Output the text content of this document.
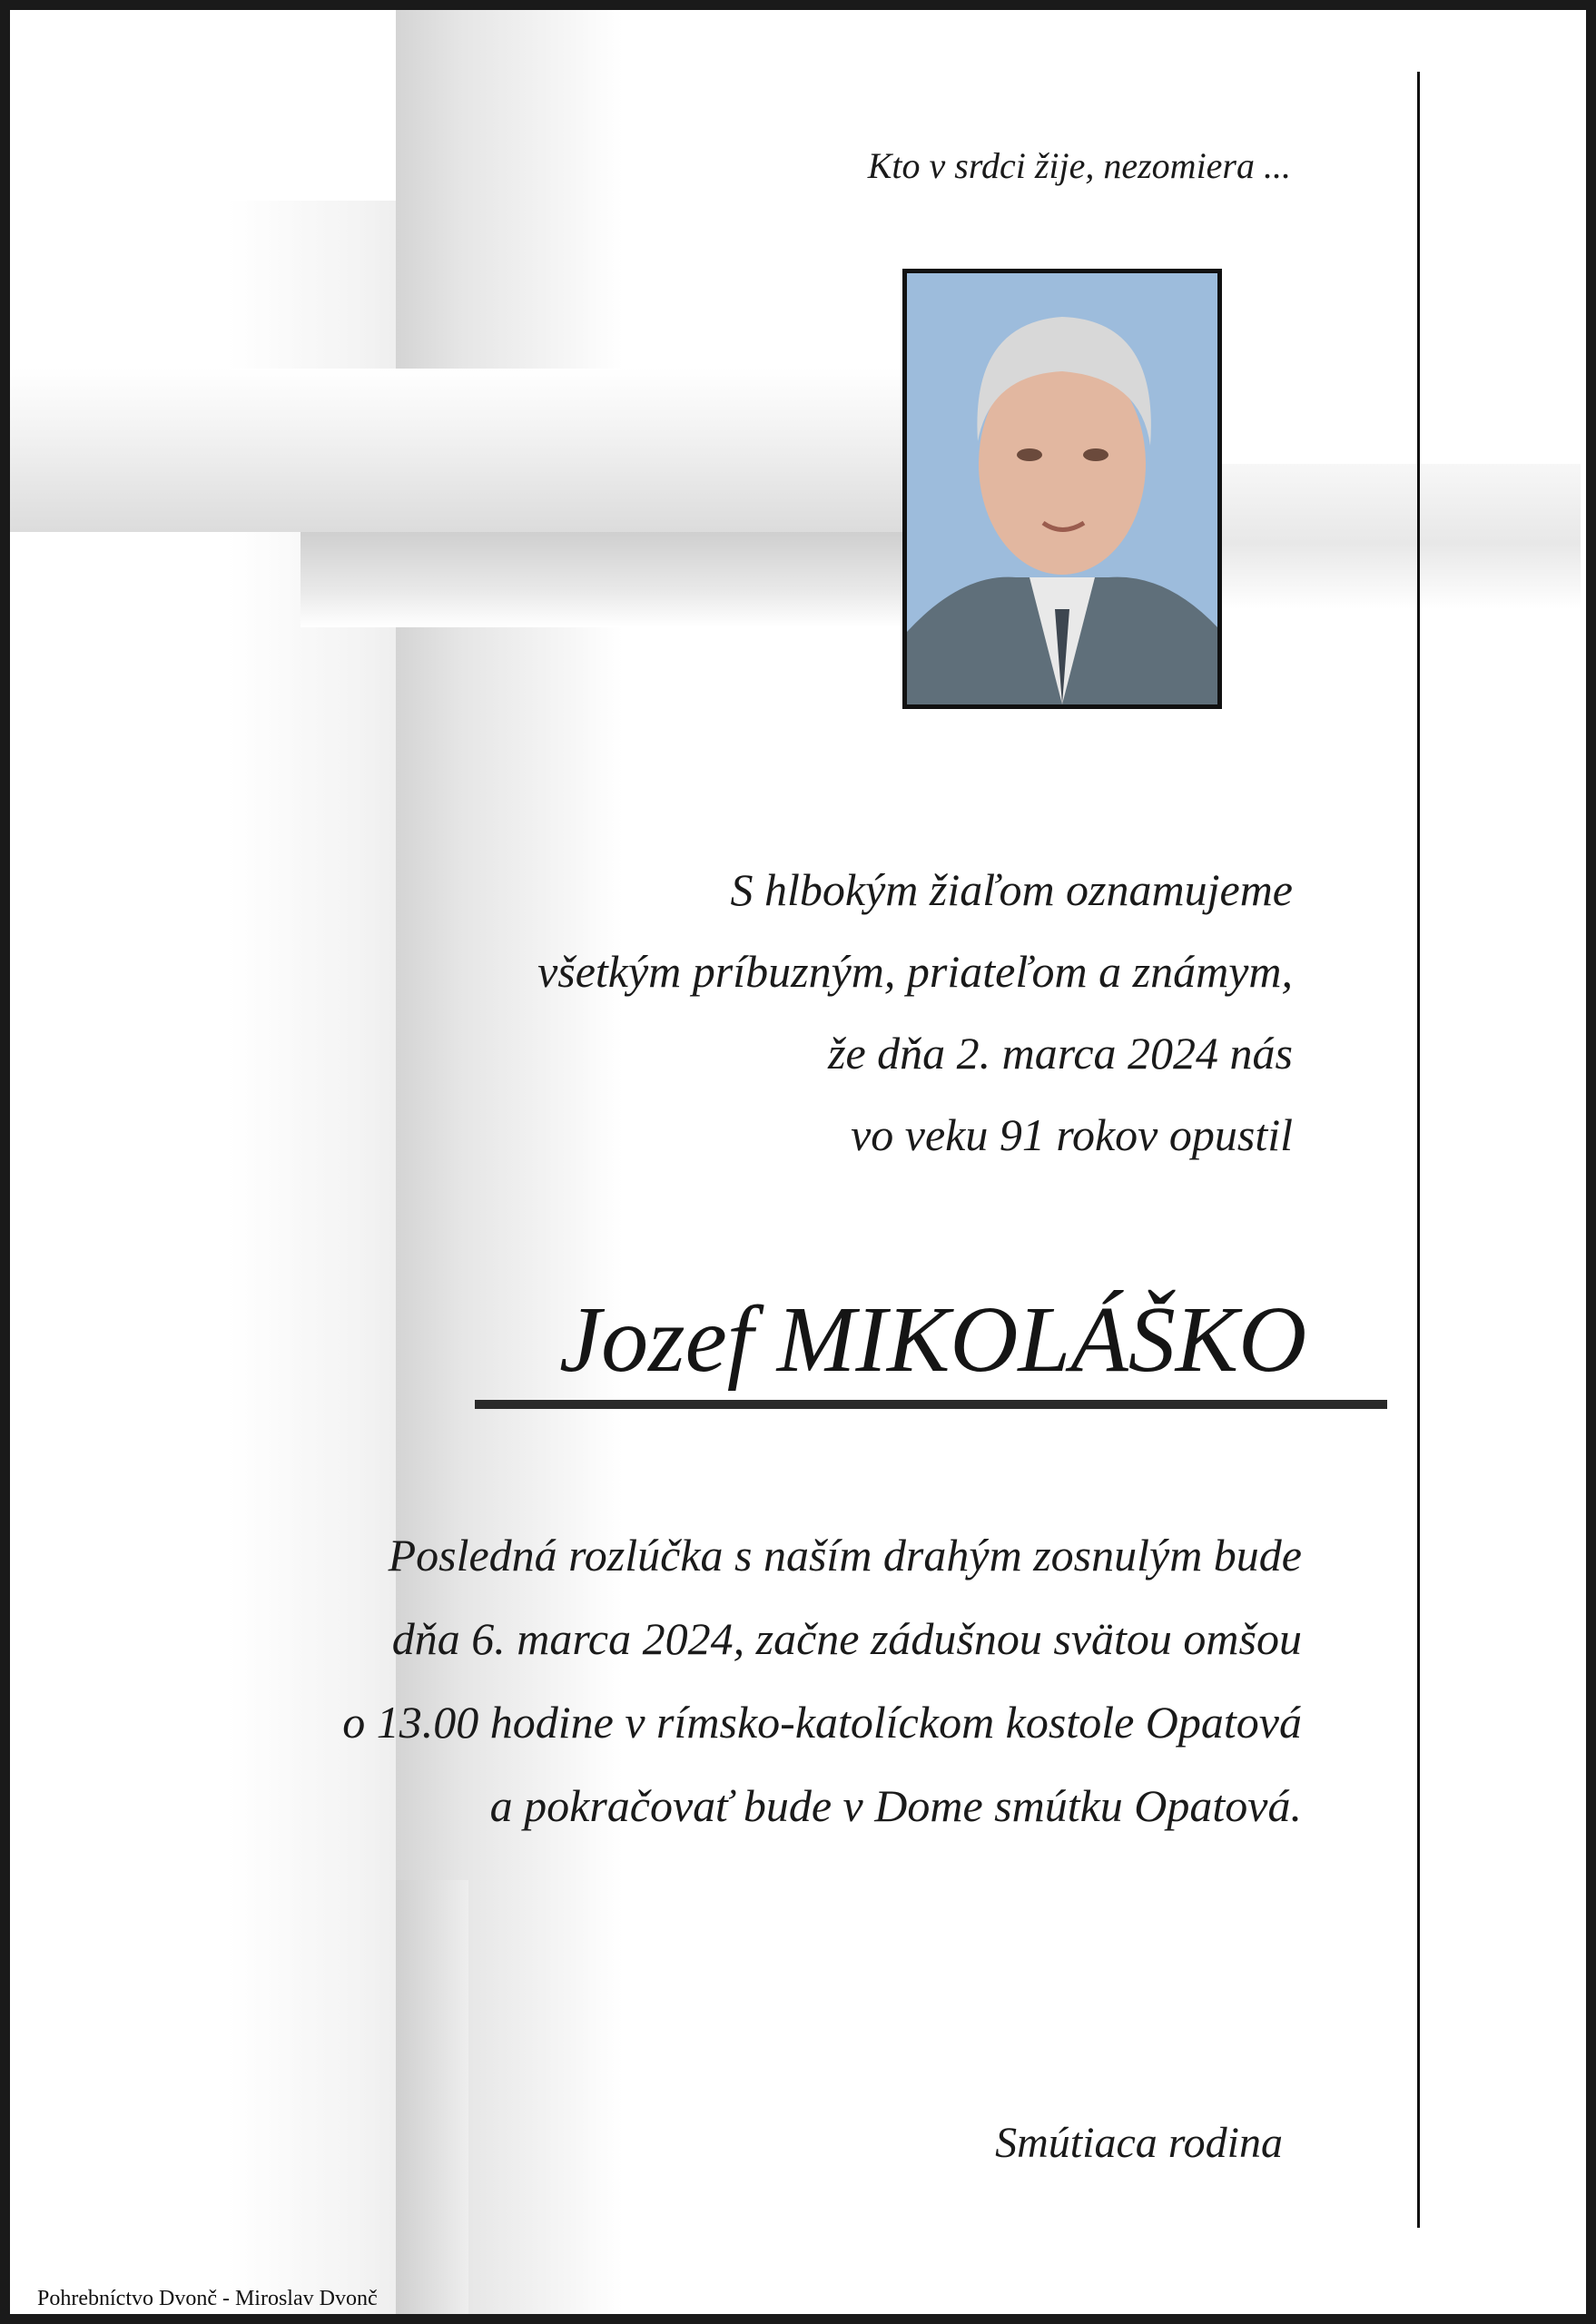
Kto v srdci žije, nezomiera ...
S hlbokým žiaľom oznamujeme
všetkým príbuzným, priateľom a známym,
že dňa 2. marca 2024 nás
vo veku 91 rokov opustil
Jozef MIKOLÁŠKO
Posledná rozlúčka s naším drahým zosnulým bude
dňa 6. marca 2024, začne zádušnou svätou omšou
o 13.00 hodine v rímsko-katolíckom kostole Opatová
a pokračovať bude v Dome smútku Opatová.
Smútiaca rodina
Pohrebníctvo Dvonč - Miroslav Dvonč
